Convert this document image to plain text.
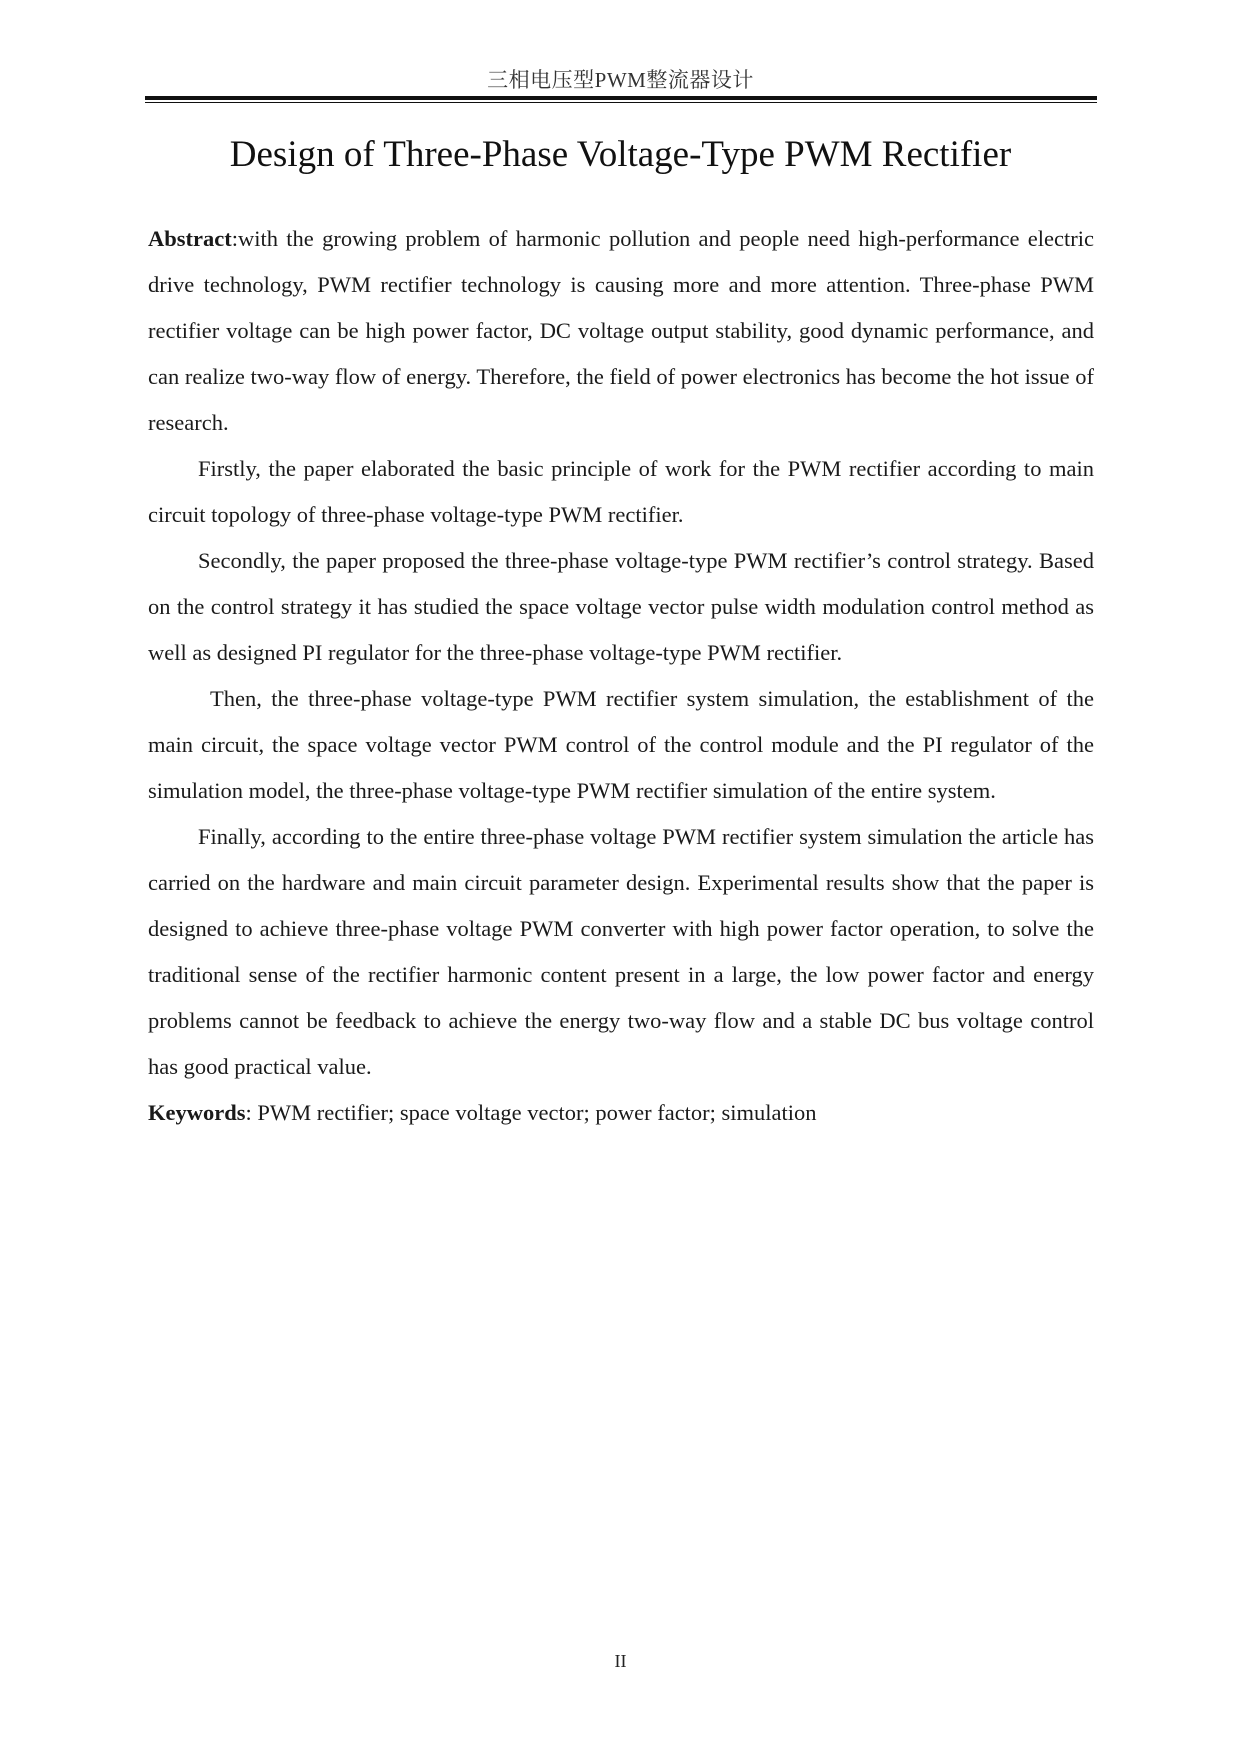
三相电压型PWM整流器设计
Design of Three-Phase Voltage-Type PWM Rectifier

Abstract:with the growing problem of harmonic pollution and people need high-performance electric drive technology, PWM rectifier technology is causing more and more attention. Three-phase PWM rectifier voltage can be high power factor, DC voltage output stability, good dynamic performance, and can realize two-way flow of energy. Therefore, the field of power electronics has become the hot issue of research.

Firstly, the paper elaborated the basic principle of work for the PWM rectifier according to main circuit topology of three-phase voltage-type PWM rectifier.

Secondly, the paper proposed the three-phase voltage-type PWM rectifier’s control strategy. Based on the control strategy it has studied the space voltage vector pulse width modulation control method as well as designed PI regulator for the three-phase voltage-type PWM rectifier.

Then, the three-phase voltage-type PWM rectifier system simulation, the establishment of the main circuit, the space voltage vector PWM control of the control module and the PI regulator of the simulation model, the three-phase voltage-type PWM rectifier simulation of the entire system.

Finally, according to the entire three-phase voltage PWM rectifier system simulation the article has carried on the hardware and main circuit parameter design. Experimental results show that the paper is designed to achieve three-phase voltage PWM converter with high power factor operation, to solve the traditional sense of the rectifier harmonic content present in a large, the low power factor and energy problems cannot be feedback to achieve the energy two-way flow and a stable DC bus voltage control has good practical value.

Keywords: PWM rectifier; space voltage vector; power factor; simulation

II
